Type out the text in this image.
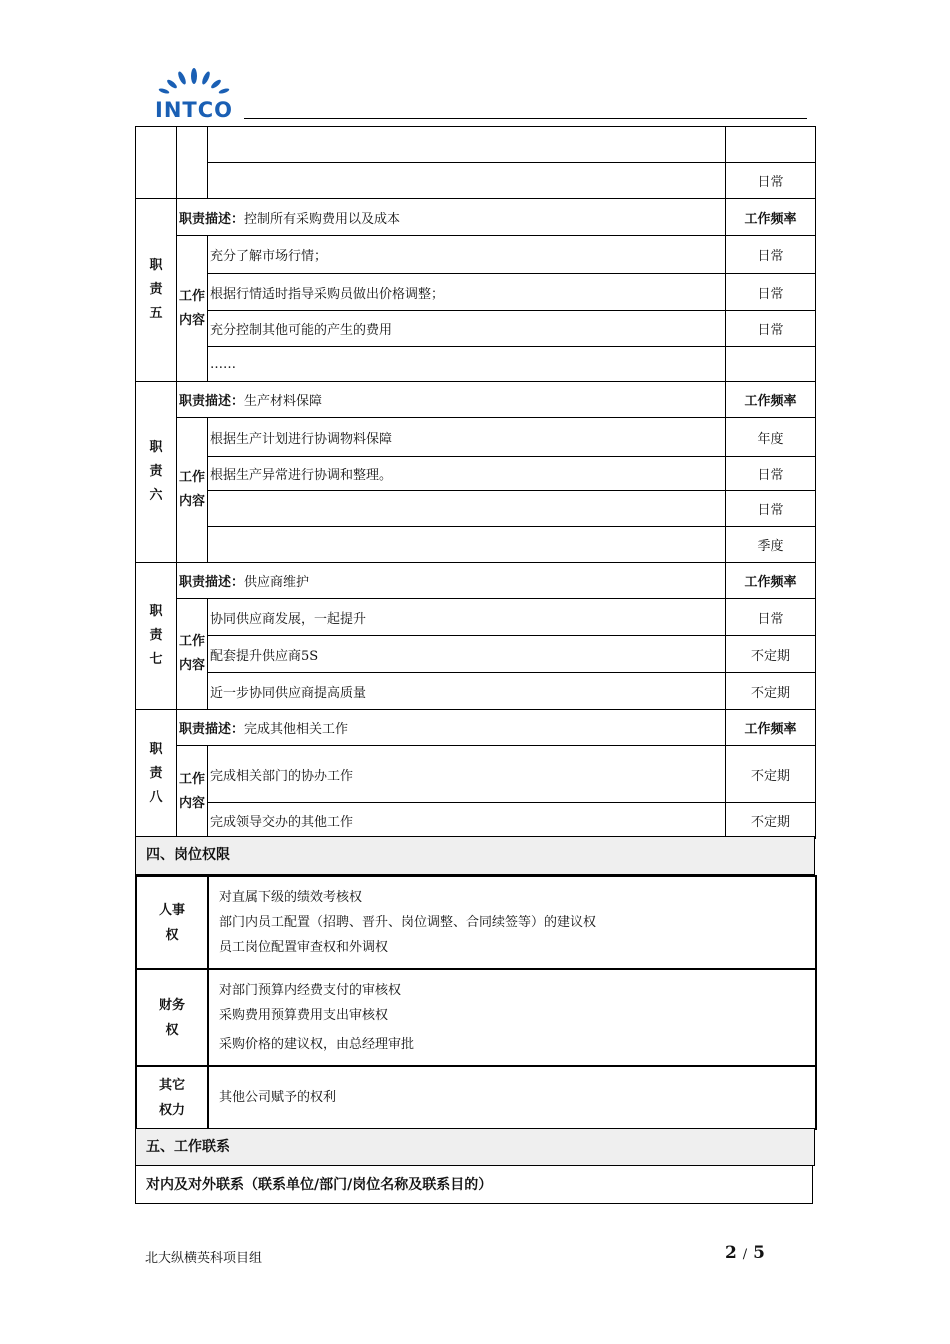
INTCO

			日常
职责五	职责描述：控制所有采购费用以及成本		工作频率
	工作内容	充分了解市场行情；	日常
		根据行情适时指导采购员做出价格调整；	日常
		充分控制其他可能的产生的费用	日常
		……	
职责六	职责描述：生产材料保障		工作频率
	工作内容	根据生产计划进行协调物料保障	年度
		根据生产异常进行协调和整理。	日常
			日常
			季度
职责七	职责描述：供应商维护		工作频率
	工作内容	协同供应商发展，一起提升	日常
		配套提升供应商5S	不定期
		近一步协同供应商提高质量	不定期
职责八	职责描述：完成其他相关工作		工作频率
	工作内容	完成相关部门的协办工作	不定期
		完成领导交办的其他工作	不定期
四、岗位权限
人事权	对直属下级的绩效考核权
部门内员工配置（招聘、晋升、岗位调整、合同续签等）的建议权
员工岗位配置审查权和外调权

财务权	对部门预算内经费支付的审核权
采购费用预算费用支出审核权
采购价格的建议权，由总经理审批

其它权力	其他公司赋予的权利
五、工作联系
对内及对外联系（联系单位/部门/岗位名称及联系目的）
北大纵横英科项目组	2 / 5
